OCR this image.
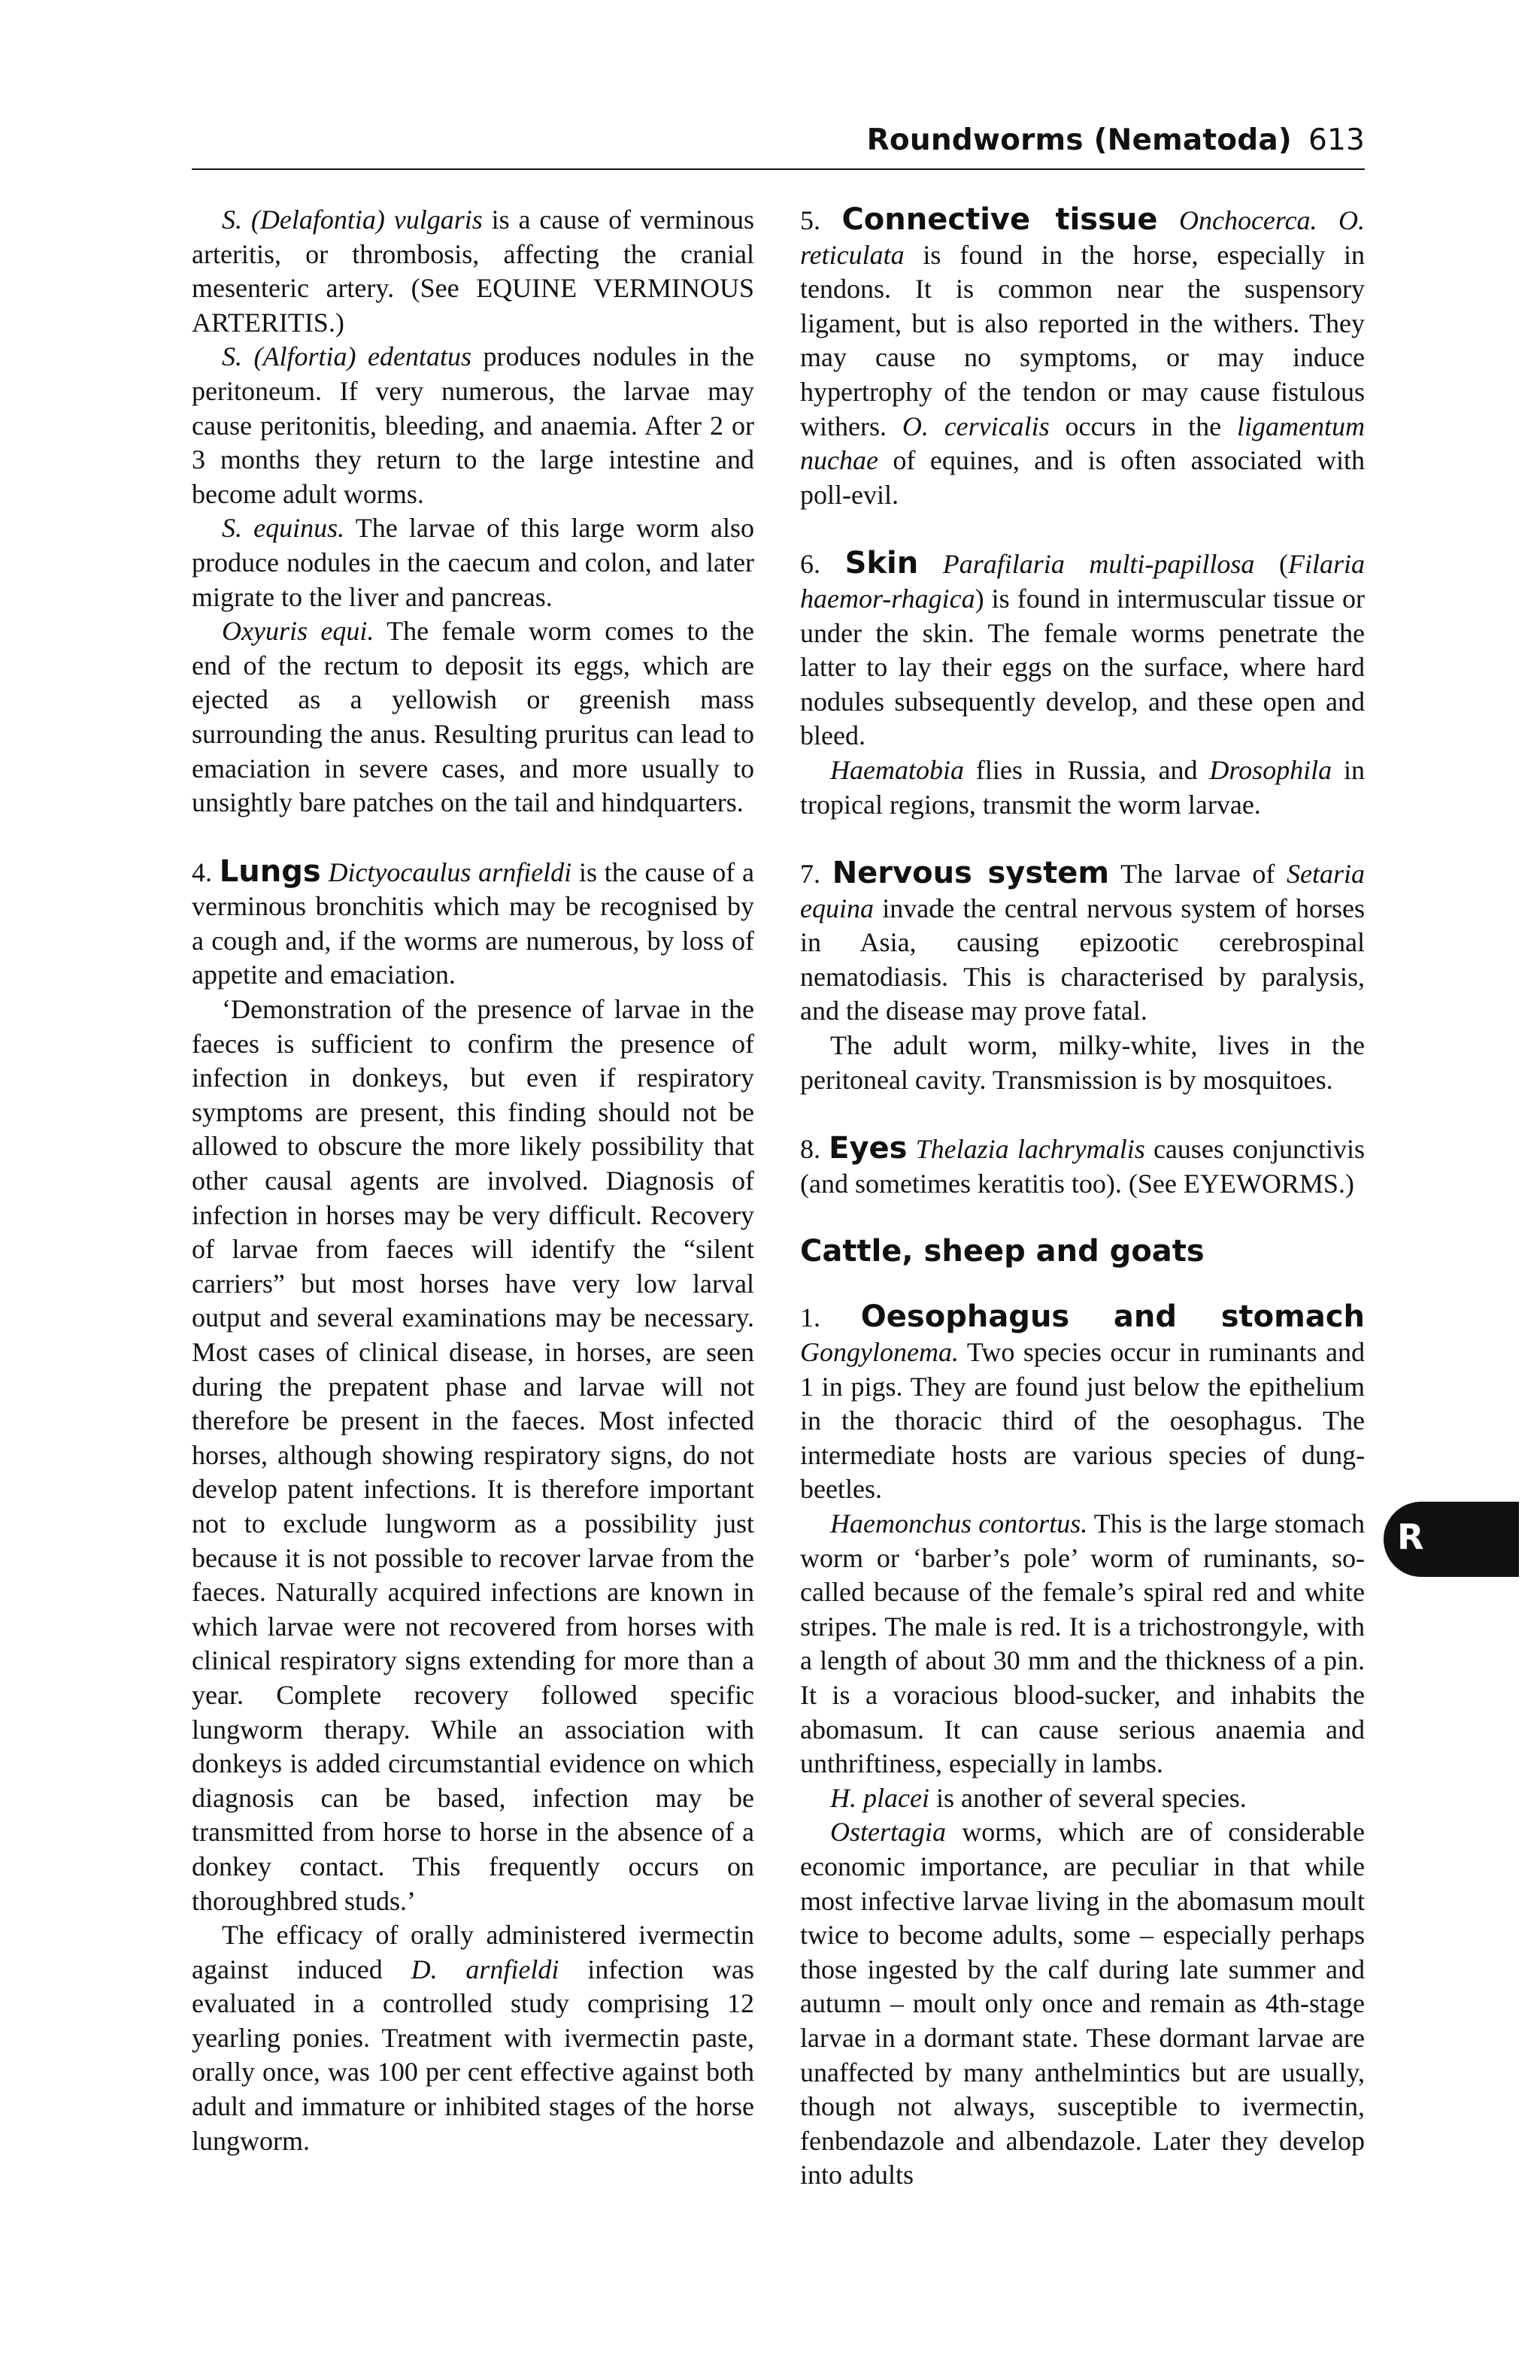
Roundworms (Nematoda) 613

S. (Delafontia) vulgaris is a cause of verminous arteritis, or thrombosis, affecting the cranial mesenteric artery. (See EQUINE VERMINOUS ARTERITIS.)

S. (Alfortia) edentatus produces nodules in the peritoneum. If very numerous, the larvae may cause peritonitis, bleeding, and anaemia. After 2 or 3 months they return to the large intestine and become adult worms.

S. equinus. The larvae of this large worm also produce nodules in the caecum and colon, and later migrate to the liver and pancreas.

Oxyuris equi. The female worm comes to the end of the rectum to deposit its eggs, which are ejected as a yellowish or greenish mass surrounding the anus. Resulting pruritus can lead to emaciation in severe cases, and more usually to unsightly bare patches on the tail and hindquarters.

4. Lungs Dictyocaulus arnfieldi is the cause of a verminous bronchitis which may be recognised by a cough and, if the worms are numerous, by loss of appetite and emaciation.

‘Demonstration of the presence of larvae in the faeces is sufficient to confirm the presence of infection in donkeys, but even if respiratory symptoms are present, this finding should not be allowed to obscure the more likely possibility that other causal agents are involved. Diagnosis of infection in horses may be very difficult. Recovery of larvae from faeces will identify the “silent carriers” but most horses have very low larval output and several examinations may be necessary. Most cases of clinical disease, in horses, are seen during the prepatent phase and larvae will not therefore be present in the faeces. Most infected horses, although showing respiratory signs, do not develop patent infections. It is therefore important not to exclude lungworm as a possibility just because it is not possible to recover larvae from the faeces. Naturally acquired infections are known in which larvae were not recovered from horses with clinical respiratory signs extending for more than a year. Complete recovery followed specific lungworm therapy. While an association with donkeys is added circumstantial evidence on which diagnosis can be based, infection may be transmitted from horse to horse in the absence of a donkey contact. This frequently occurs on thoroughbred studs.’

The efficacy of orally administered ivermectin against induced D. arnfieldi infection was evaluated in a controlled study comprising 12 yearling ponies. Treatment with ivermectin paste, orally once, was 100 per cent effective against both adult and immature or inhibited stages of the horse lungworm.

5. Connective tissue Onchocerca. O. reticulata is found in the horse, especially in tendons. It is common near the suspensory ligament, but is also reported in the withers. They may cause no symptoms, or may induce hypertrophy of the tendon or may cause fistulous withers. O. cervicalis occurs in the ligamentum nuchae of equines, and is often associated with poll-evil.

6. Skin Parafilaria multi-papillosa (Filaria haemor-rhagica) is found in intermuscular tissue or under the skin. The female worms penetrate the latter to lay their eggs on the surface, where hard nodules subsequently develop, and these open and bleed.

Haematobia flies in Russia, and Drosophila in tropical regions, transmit the worm larvae.

7. Nervous system The larvae of Setaria equina invade the central nervous system of horses in Asia, causing epizootic cerebrospinal nematodiasis. This is characterised by paralysis, and the disease may prove fatal.

The adult worm, milky-white, lives in the peritoneal cavity. Transmission is by mosquitoes.

8. Eyes Thelazia lachrymalis causes conjunctivis (and sometimes keratitis too). (See EYEWORMS.)

Cattle, sheep and goats

1. Oesophagus and stomach Gongylonema. Two species occur in ruminants and 1 in pigs. They are found just below the epithelium in the thoracic third of the oesophagus. The intermediate hosts are various species of dung-beetles.

Haemonchus contortus. This is the large stomach worm or ‘barber’s pole’ worm of ruminants, so-called because of the female’s spiral red and white stripes. The male is red. It is a trichostrongyle, with a length of about 30 mm and the thickness of a pin. It is a voracious blood-sucker, and inhabits the abomasum. It can cause serious anaemia and unthriftiness, especially in lambs.

H. placei is another of several species.

Ostertagia worms, which are of considerable economic importance, are peculiar in that while most infective larvae living in the abomasum moult twice to become adults, some – especially perhaps those ingested by the calf during late summer and autumn – moult only once and remain as 4th-stage larvae in a dormant state. These dormant larvae are unaffected by many anthelmintics but are usually, though not always, susceptible to ivermectin, fenbendazole and albendazole. Later they develop into adults

R
